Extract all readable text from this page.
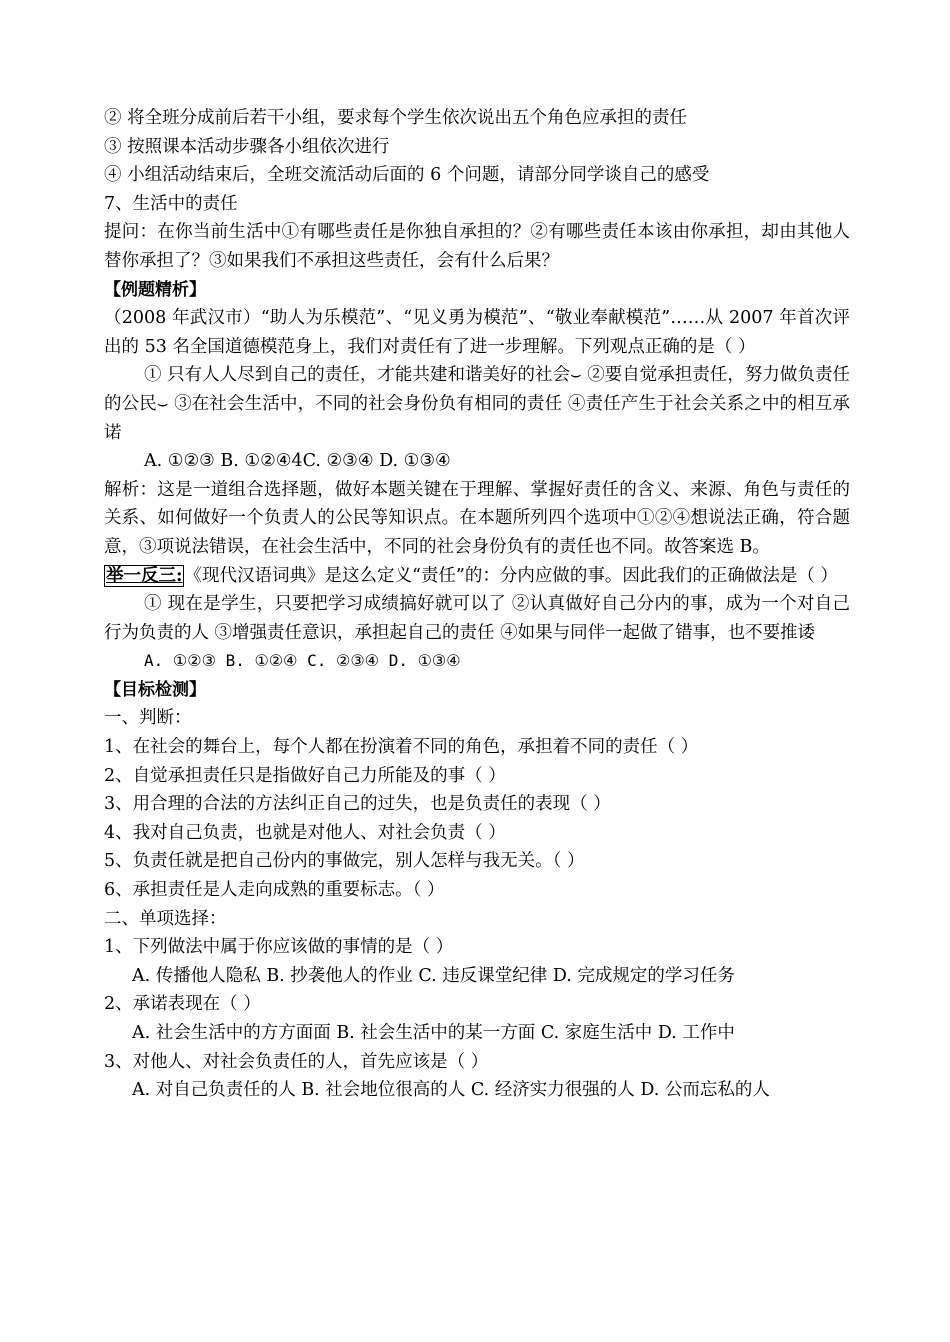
② 将全班分成前后若干小组，要求每个学生依次说出五个角色应承担的责任
③ 按照课本活动步骤各小组依次进行
④ 小组活动结束后，全班交流活动后面的 6 个问题，请部分同学谈自己的感受
7、生活中的责任
提问：在你当前生活中①有哪些责任是你独自承担的？②有哪些责任本该由你承担，却由其他人替你承担了？③如果我们不承担这些责任，会有什么后果？
【例题精析】
（2008 年武汉市）“助人为乐模范”、“见义勇为模范”、“敬业奉献模范”……从 2007 年首次评出的 53 名全国道德模范身上，我们对责任有了进一步理解。下列观点正确的是（ ）
① 只有人人尽到自己的责任，才能共建和谐美好的社会⌣ ②要自觉承担责任，努力做负责任的公民⌣ ③在社会生活中，不同的社会身份负有相同的责任 ④责任产生于社会关系之中的相互承诺
A. ①②③ B. ①②④4C. ②③④ D. ①③④
解析：这是一道组合选择题，做好本题关键在于理解、掌握好责任的含义、来源、角色与责任的关系、如何做好一个负责人的公民等知识点。在本题所列四个选项中①②④想说法正确，符合题意，③项说法错误，在社会生活中，不同的社会身份负有的责任也不同。故答案选 B。
举一反三: 《现代汉语词典》是这么定义“责任”的：分内应做的事。因此我们的正确做法是（ ）
① 现在是学生，只要把学习成绩搞好就可以了 ②认真做好自己分内的事，成为一个对自己行为负责的人 ③增强责任意识，承担起自己的责任 ④如果与同伴一起做了错事，也不要推诿
A. ①②③ B. ①②④ C. ②③④ D. ①③④
【目标检测】
一、判断：
1、在社会的舞台上，每个人都在扮演着不同的角色，承担着不同的责任（ ）
2、自觉承担责任只是指做好自己力所能及的事（ ）
3、用合理的合法的方法纠正自己的过失，也是负责任的表现（ ）
4、我对自己负责，也就是对他人、对社会负责（ ）
5、负责任就是把自己份内的事做完，别人怎样与我无关。（ ）
6、承担责任是人走向成熟的重要标志。（ ）
二、单项选择：
1、下列做法中属于你应该做的事情的是（ ）
A. 传播他人隐私 B. 抄袭他人的作业 C. 违反课堂纪律 D. 完成规定的学习任务
2、承诺表现在（ ）
A. 社会生活中的方方面面 B. 社会生活中的某一方面 C. 家庭生活中 D. 工作中
3、对他人、对社会负责任的人，首先应该是（ ）
A. 对自己负责任的人 B. 社会地位很高的人 C. 经济实力很强的人 D. 公而忘私的人
